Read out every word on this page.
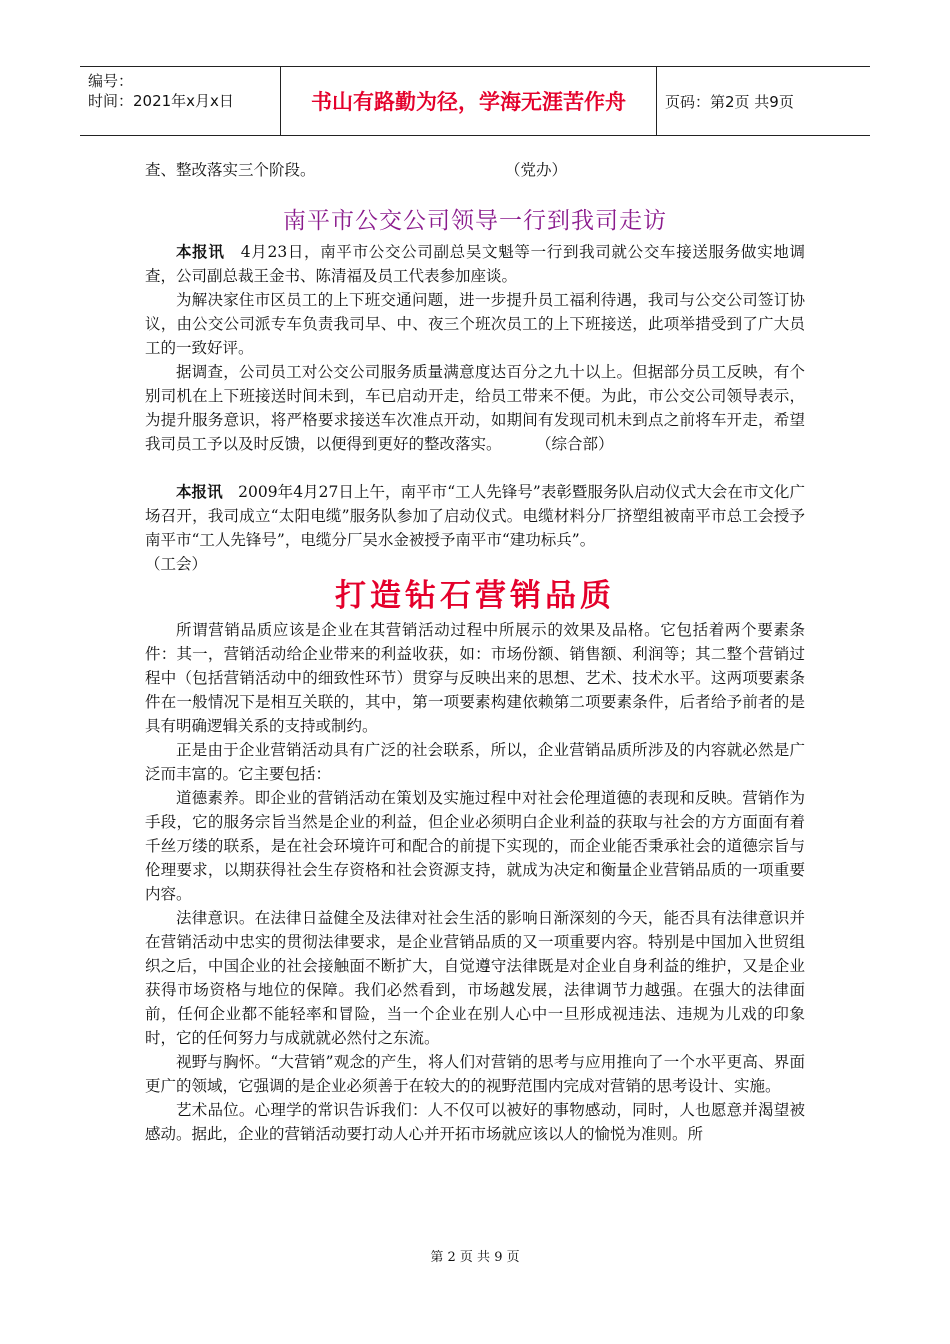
编号：
时间：2021年x月x日	书山有路勤为径，学海无涯苦作舟	页码：第2页 共9页

查、整改落实三个阶段。	（党办）

南平市公交公司领导一行到我司走访

本报讯　4月23日，南平市公交公司副总吴文魁等一行到我司就公交车接送服务做实地调查，公司副总裁王金书、陈清福及员工代表参加座谈。

为解决家住市区员工的上下班交通问题，进一步提升员工福利待遇，我司与公交公司签订协议，由公交公司派专车负责我司早、中、夜三个班次员工的上下班接送，此项举措受到了广大员工的一致好评。

据调查，公司员工对公交公司服务质量满意度达百分之九十以上。但据部分员工反映，有个别司机在上下班接送时间未到，车已启动开走，给员工带来不便。为此，市公交公司领导表示，为提升服务意识，将严格要求接送车次准点开动，如期间有发现司机未到点之前将车开走，希望我司员工予以及时反馈，以便得到更好的整改落实。 （综合部）

本报讯　2009年4月27日上午，南平市“工人先锋号”表彰暨服务队启动仪式大会在市文化广场召开，我司成立“太阳电缆”服务队参加了启动仪式。电缆材料分厂挤塑组被南平市总工会授予南平市“工人先锋号”，电缆分厂吴水金被授予南平市“建功标兵”。

（工会）

打造钻石营销品质

所谓营销品质应该是企业在其营销活动过程中所展示的效果及品格。它包括着两个要素条件：其一，营销活动给企业带来的利益收获，如：市场份额、销售额、利润等；其二整个营销过程中（包括营销活动中的细致性环节）贯穿与反映出来的思想、艺术、技术水平。这两项要素条件在一般情况下是相互关联的，其中，第一项要素构建依赖第二项要素条件，后者给予前者的是具有明确逻辑关系的支持或制约。

正是由于企业营销活动具有广泛的社会联系，所以，企业营销品质所涉及的内容就必然是广泛而丰富的。它主要包括：

道德素养。即企业的营销活动在策划及实施过程中对社会伦理道德的表现和反映。营销作为手段，它的服务宗旨当然是企业的利益，但企业必须明白企业利益的获取与社会的方方面面有着千丝万缕的联系，是在社会环境许可和配合的前提下实现的，而企业能否秉承社会的道德宗旨与伦理要求，以期获得社会生存资格和社会资源支持，就成为决定和衡量企业营销品质的一项重要内容。

法律意识。在法律日益健全及法律对社会生活的影响日渐深刻的今天，能否具有法律意识并在营销活动中忠实的贯彻法律要求，是企业营销品质的又一项重要内容。特别是中国加入世贸组织之后，中国企业的社会接触面不断扩大，自觉遵守法律既是对企业自身利益的维护，又是企业获得市场资格与地位的保障。我们必然看到，市场越发展，法律调节力越强。在强大的法律面前，任何企业都不能轻率和冒险，当一个企业在别人心中一旦形成视违法、违规为儿戏的印象时，它的任何努力与成就就必然付之东流。

视野与胸怀。“大营销”观念的产生，将人们对营销的思考与应用推向了一个水平更高、界面更广的领域，它强调的是企业必须善于在较大的的视野范围内完成对营销的思考设计、实施。

艺术品位。心理学的常识告诉我们：人不仅可以被好的事物感动，同时，人也愿意并渴望被感动。据此，企业的营销活动要打动人心并开拓市场就应该以人的愉悦为准则。所

第 2 页 共 9 页
